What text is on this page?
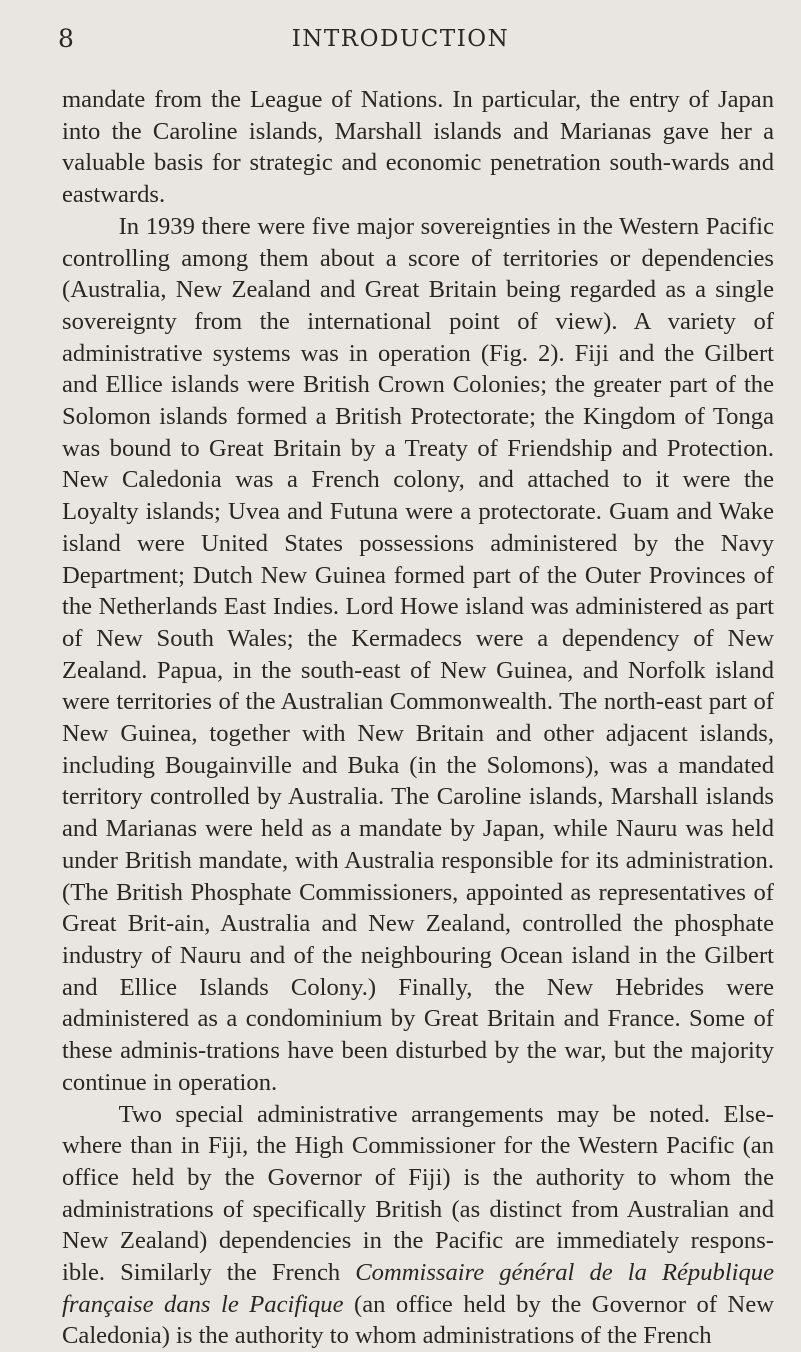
8	INTRODUCTION

mandate from the League of Nations. In particular, the entry of Japan into the Caroline islands, Marshall islands and Marianas gave her a valuable basis for strategic and economic penetration south-wards and eastwards.

In 1939 there were five major sovereignties in the Western Pacific controlling among them about a score of territories or dependencies (Australia, New Zealand and Great Britain being regarded as a single sovereignty from the international point of view). A variety of administrative systems was in operation (Fig. 2). Fiji and the Gilbert and Ellice islands were British Crown Colonies; the greater part of the Solomon islands formed a British Protectorate; the Kingdom of Tonga was bound to Great Britain by a Treaty of Friendship and Protection. New Caledonia was a French colony, and attached to it were the Loyalty islands; Uvea and Futuna were a protectorate. Guam and Wake island were United States possessions administered by the Navy Department; Dutch New Guinea formed part of the Outer Provinces of the Netherlands East Indies. Lord Howe island was administered as part of New South Wales; the Kermadecs were a dependency of New Zealand. Papua, in the south-east of New Guinea, and Norfolk island were territories of the Australian Commonwealth. The north-east part of New Guinea, together with New Britain and other adjacent islands, including Bougainville and Buka (in the Solomons), was a mandated territory controlled by Australia. The Caroline islands, Marshall islands and Marianas were held as a mandate by Japan, while Nauru was held under British mandate, with Australia responsible for its administration. (The British Phosphate Commissioners, appointed as representatives of Great Brit-ain, Australia and New Zealand, controlled the phosphate industry of Nauru and of the neighbouring Ocean island in the Gilbert and Ellice Islands Colony.) Finally, the New Hebrides were administered as a condominium by Great Britain and France. Some of these adminis-trations have been disturbed by the war, but the majority continue in operation.

Two special administrative arrangements may be noted. Else-where than in Fiji, the High Commissioner for the Western Pacific (an office held by the Governor of Fiji) is the authority to whom the administrations of specifically British (as distinct from Australian and New Zealand) dependencies in the Pacific are immediately respons-ible. Similarly the French Commissaire général de la République française dans le Pacifique (an office held by the Governor of New Caledonia) is the authority to whom administrations of the French
